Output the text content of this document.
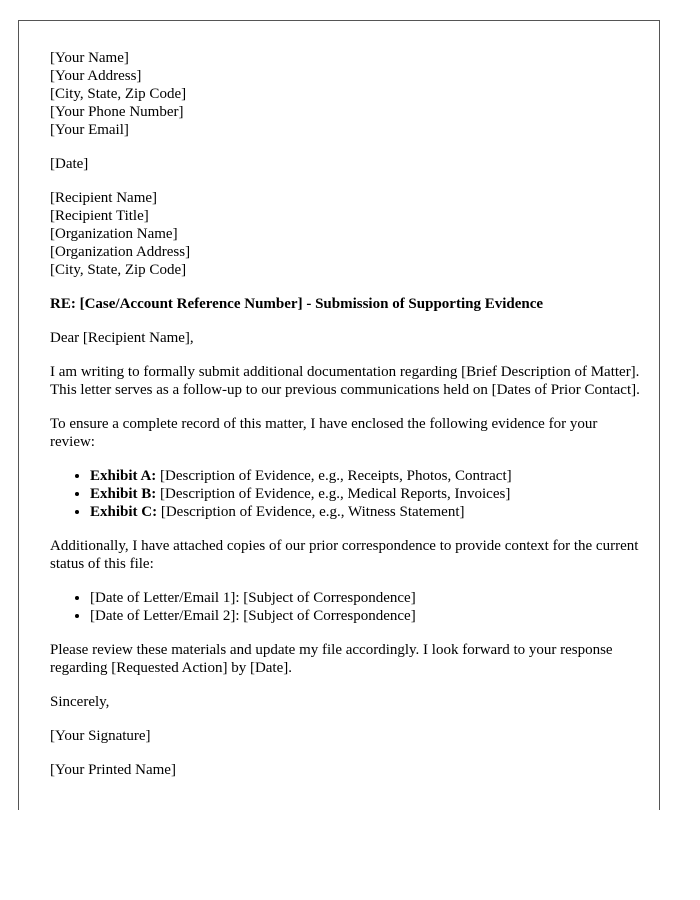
[Your Name]
[Your Address]
[City, State, Zip Code]
[Your Phone Number]
[Your Email]
[Date]
[Recipient Name]
[Recipient Title]
[Organization Name]
[Organization Address]
[City, State, Zip Code]
RE: [Case/Account Reference Number] - Submission of Supporting Evidence
Dear [Recipient Name],
I am writing to formally submit additional documentation regarding [Brief Description of Matter]. This letter serves as a follow-up to our previous communications held on [Dates of Prior Contact].
To ensure a complete record of this matter, I have enclosed the following evidence for your review:
• Exhibit A: [Description of Evidence, e.g., Receipts, Photos, Contract]
• Exhibit B: [Description of Evidence, e.g., Medical Reports, Invoices]
• Exhibit C: [Description of Evidence, e.g., Witness Statement]
Additionally, I have attached copies of our prior correspondence to provide context for the current status of this file:
• [Date of Letter/Email 1]: [Subject of Correspondence]
• [Date of Letter/Email 2]: [Subject of Correspondence]
Please review these materials and update my file accordingly. I look forward to your response regarding [Requested Action] by [Date].
Sincerely,
[Your Signature]
[Your Printed Name]
